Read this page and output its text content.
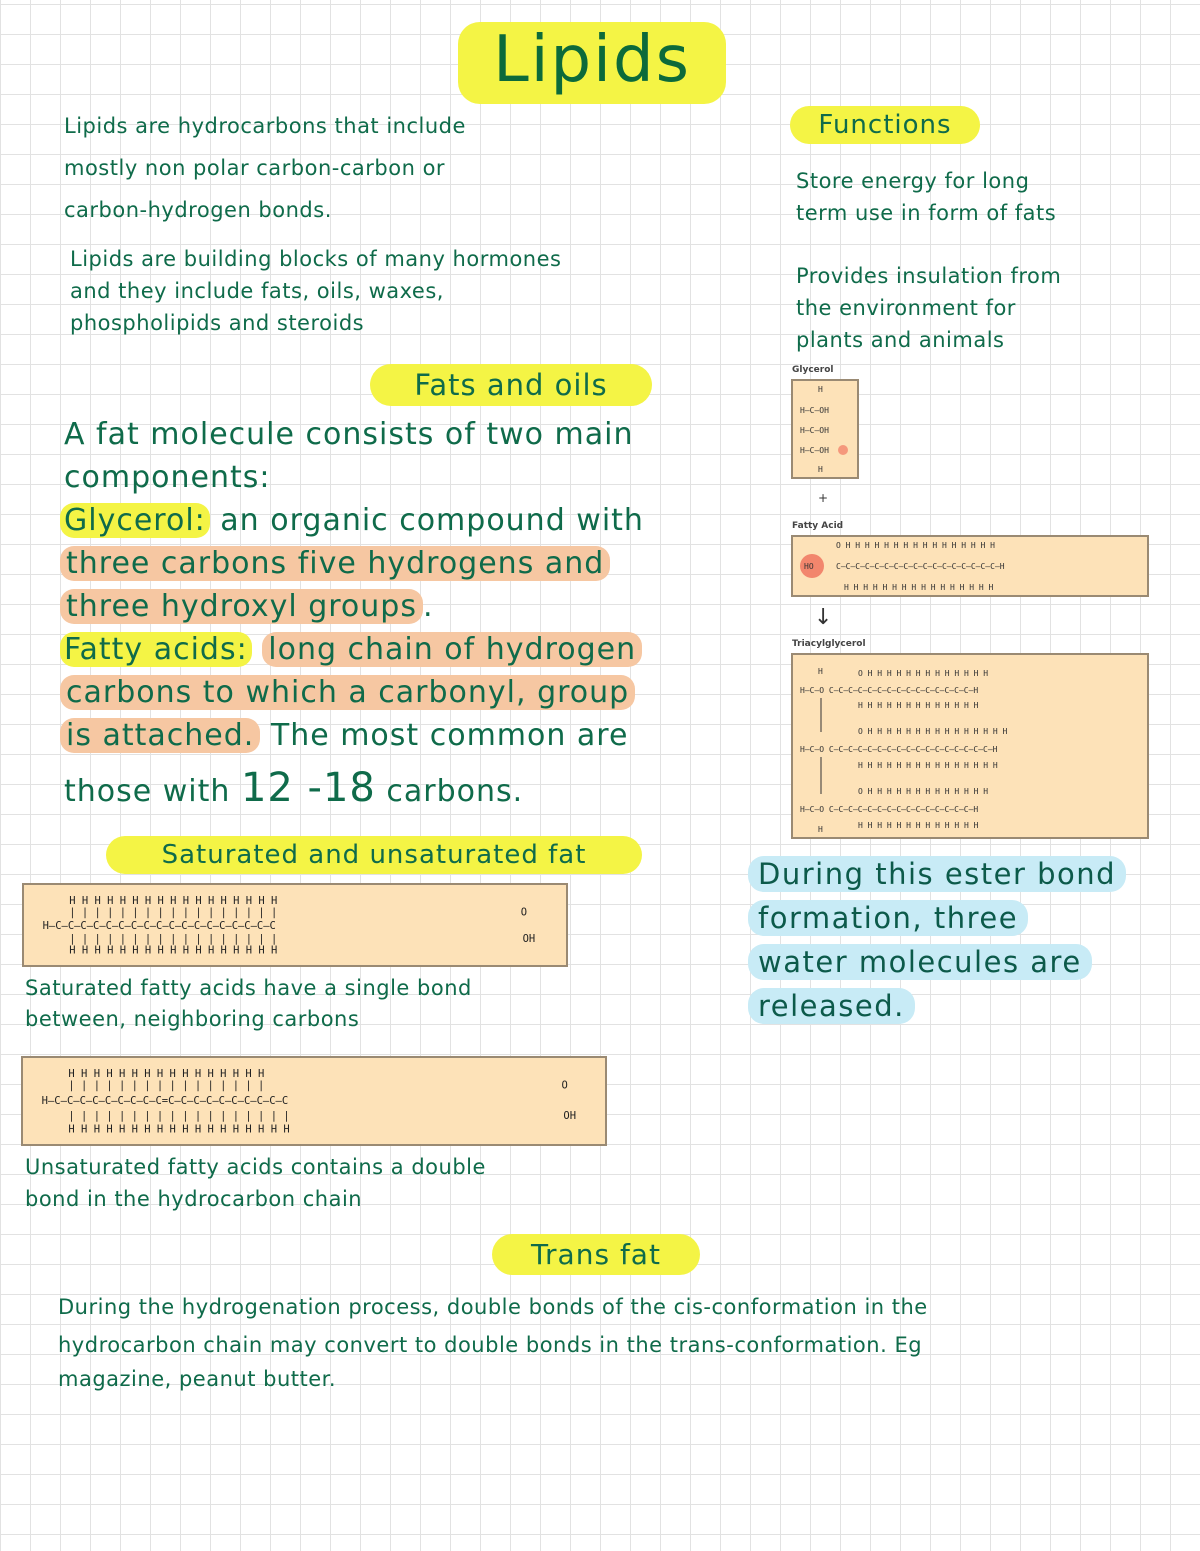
Lipids
Lipids are hydrocarbons that include
mostly non polar carbon-carbon or
carbon-hydrogen bonds.
Lipids are building blocks of many hormones
and they include fats, oils, waxes,
phospholipids and steroids
Functions
Store energy for long
term use in form of fats
Provides insulation from
the environment for
plants and animals
Fats and oils
A fat molecule consists of two main
components:
Glycerol: an organic compound with
three carbons five hydrogens and
three hydroxyl groups .
Fatty acids: long chain of hydrogen
carbons to which a carbonyl, group
is attached. The most common are
those with 12 -18 carbons.
Glycerol
H
H—C—OH
H—C—OH
H—C—OH
H
+
Fatty Acid
HO
O H H H H H H H H H H H H H H H H
C—C—C—C—C—C—C—C—C—C—C—C—C—C—C—C—C—H
H H H H H H H H H H H H H H H H
↓
Triacylglycerol
H
H—C—O C—C—C—C—C—C—C—C—C—C—C—C—C—C—C—H
O H H H H H H H H H H H H H
H H H H H H H H H H H H H
O H H H H H H H H H H H H H H H
H—C—O C—C—C—C—C—C—C—C—C—C—C—C—C—C—C—C—C—H
H H H H H H H H H H H H H H H
O H H H H H H H H H H H H H
H—C—O C—C—C—C—C—C—C—C—C—C—C—C—C—C—C—H
H H H H H H H H H H H H H
H
During this ester bond
formation, three
water molecules are
released.
Saturated and unsaturated fat
H H H H H H H H H H H H H H H H H
| | | | | | | | | | | | | | | | |
H—C—C—C—C—C—C—C—C—C—C—C—C—C—C—C—C—C—C
| | | | | | | | | | | | | | | | |
H H H H H H H H H H H H H H H H H
O
OH
Saturated fatty acids have a single bond
between, neighboring carbons
H H H H H H H H H H H H H H H H
| | | | | | | | | | | | | | | |
H—C—C—C—C—C—C—C—C—C=C—C—C—C—C—C—C—C—C—C
| | | | | | | | | | | | | | | | | |
H H H H H H H H H H H H H H H H H H
O
OH
Unsaturated fatty acids contains a double
bond in the hydrocarbon chain
Trans fat
During the hydrogenation process, double bonds of the cis-conformation in the
hydrocarbon chain may convert to double bonds in the trans-conformation. Eg
magazine, peanut butter.
